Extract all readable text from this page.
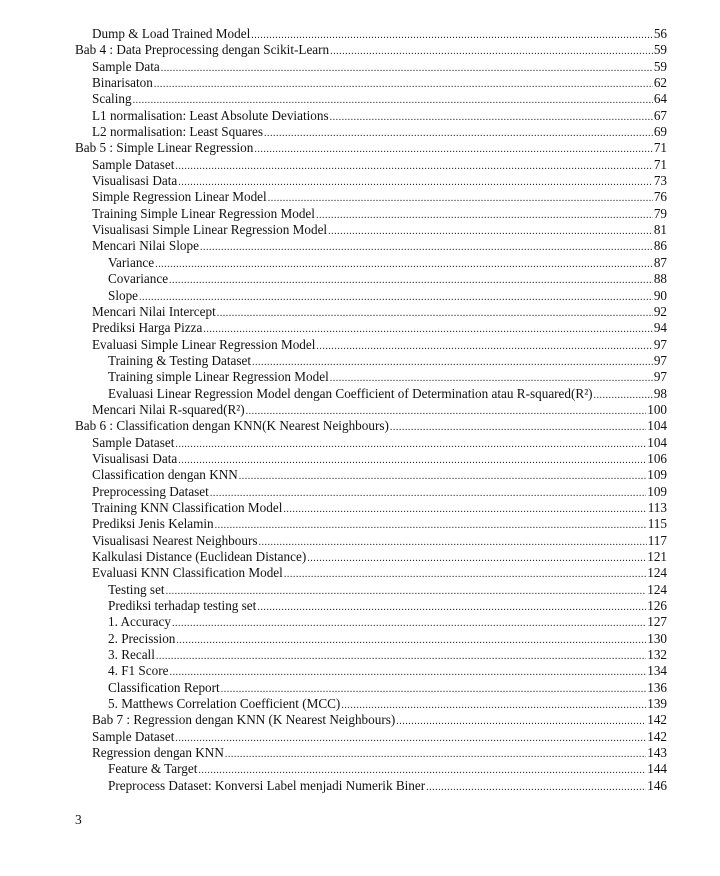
Dump & Load Trained Model .....	56
Bab 4 : Data Preprocessing dengan Scikit-Learn .....	59
Sample Data .....	59
Binarisaton .....	62
Scaling .....	64
L1 normalisation: Least Absolute Deviations .....	67
L2 normalisation: Least Squares .....	69
Bab 5 : Simple Linear Regression .....	71
Sample Dataset .....	71
Visualisasi Data .....	73
Simple Regression Linear Model .....	76
Training Simple Linear Regression Model .....	79
Visualisasi Simple Linear Regression Model .....	81
Mencari Nilai Slope .....	86
Variance .....	87
Covariance .....	88
Slope .....	90
Mencari Nilai Intercept .....	92
Prediksi Harga Pizza .....	94
Evaluasi Simple Linear Regression Model .....	97
Training & Testing Dataset .....	97
Training simple Linear Regression Model .....	97
Evaluasi Linear Regression Model dengan Coefficient of Determination atau R-squared(R²) .....	98
Mencari Nilai R-squared(R²) .....	100
Bab 6 : Classification dengan KNN(K Nearest Neighbours) .....	104
Sample Dataset .....	104
Visualisasi Data .....	106
Classification dengan KNN .....	109
Preprocessing Dataset .....	109
Training KNN Classification Model .....	113
Prediksi Jenis Kelamin .....	115
Visualisasi Nearest Neighbours .....	117
Kalkulasi Distance (Euclidean Distance) .....	121
Evaluasi KNN Classification Model .....	124
Testing set .....	124
Prediksi terhadap testing set .....	126
1. Accuracy .....	127
2. Precission .....	130
3. Recall .....	132
4. F1 Score .....	134
Classification Report .....	136
5. Matthews Correlation Coefficient (MCC) .....	139
Bab 7 : Regression dengan KNN (K Nearest Neighbours) .....	142
Sample Dataset .....	142
Regression dengan KNN .....	143
Feature & Target .....	144
Preprocess Dataset: Konversi Label menjadi Numerik Biner .....	146
3
